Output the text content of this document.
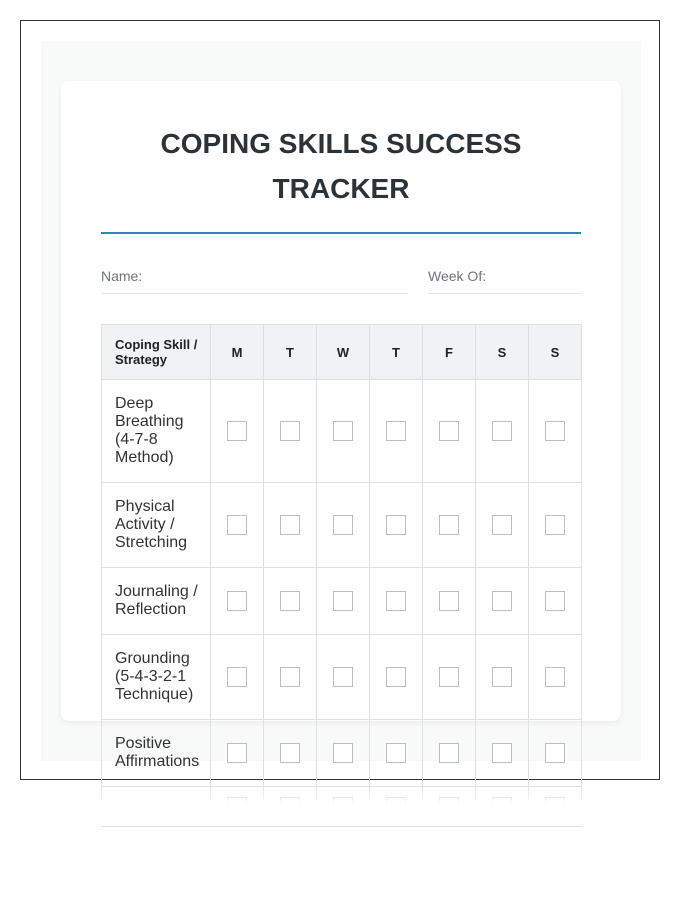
COPING SKILLS SUCCESS
TRACKER
Name:	Week Of:
Coping Skill / Strategy	M	T	W	T	F	S	S
Deep Breathing (4-7-8 Method)							
Physical Activity / Stretching							
Journaling / Reflection							
Grounding (5-4-3-2-1 Technique)							
Positive Affirmations							
